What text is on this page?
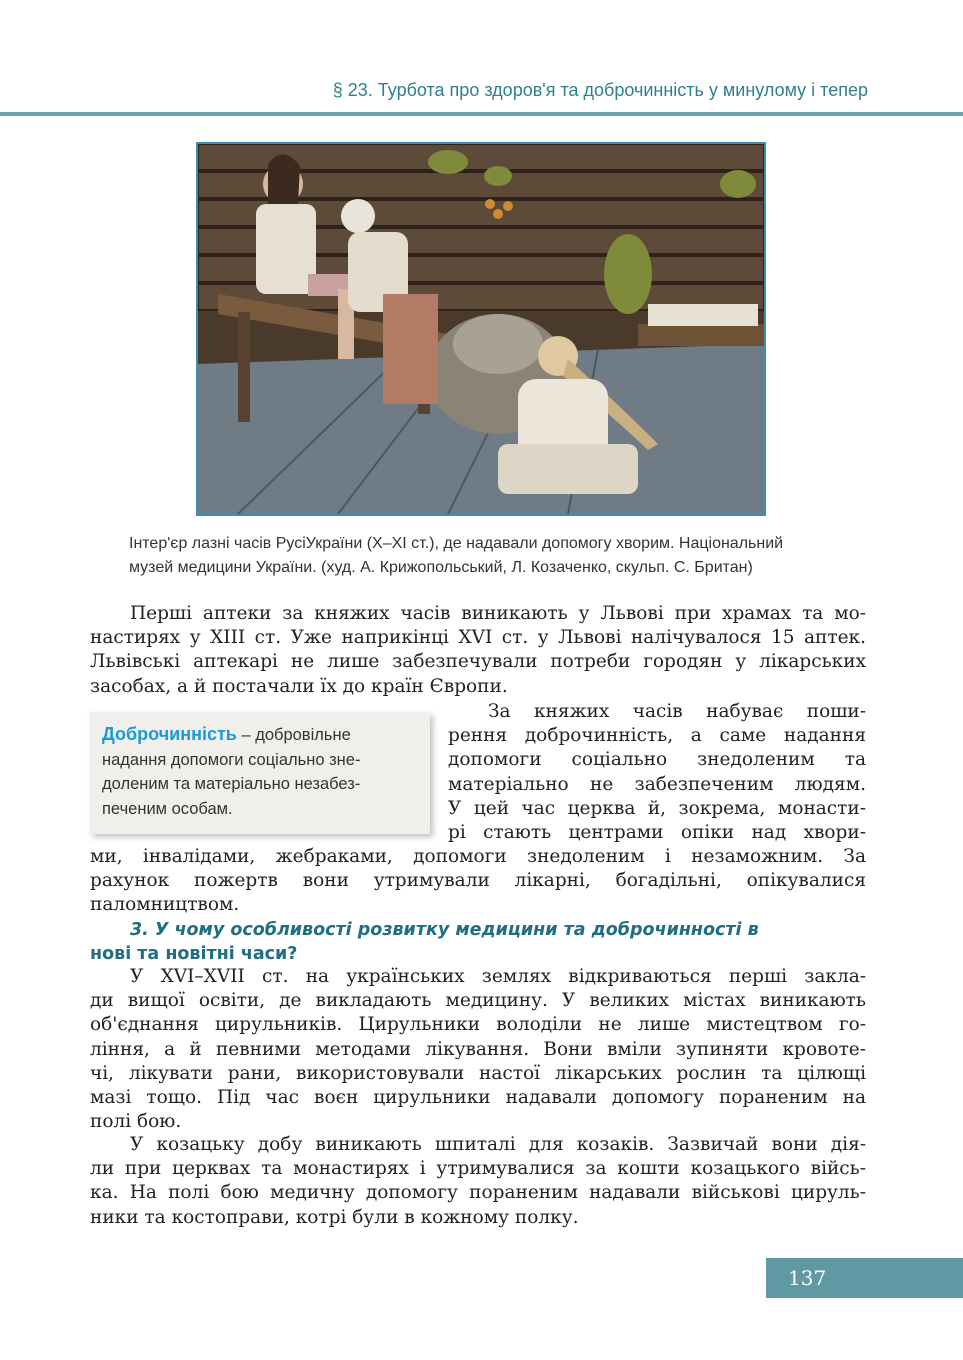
§ 23. Турбота про здоров'я та доброчинність у минулому і тепер
Інтер'єр лазні часів РусіУкраїни (X–XI ст.), де надавали допомогу хворим. Національний
музей медицини України. (худ. А. Крижопольський, Л. Козаченко, скульп. С. Британ)
Перші аптеки за княжих часів виникають у Львові при храмах та мо-
настирях у XIII ст. Уже наприкінці XVI ст. у Львові налічувалося 15 аптек.
Львівські аптекарі не лише забезпечували потреби городян у лікарських
засобах, а й постачали їх до країн Європи.
Доброчинність – добровільне
надання допомоги соціально зне-
доленим та матеріально незабез-
печеним особам.
За княжих часів набуває поши-
рення доброчинність, а саме надання
допомоги соціально знедоленим та
матеріально не забезпеченим людям.
У цей час церква й, зокрема, монасти-
рі стають центрами опіки над хвори-
ми, інвалідами, жебраками, допомоги знедоленим і незаможним. За
рахунок пожертв вони утримували лікарні, богадільні, опікувалися
паломництвом.
3. У чому особливості розвитку медицини та доброчинності в
нові та новітні часи?
У XVI–XVII ст. на українських землях відкриваються перші закла-
ди вищої освіти, де викладають медицину. У великих містах виникають
об'єднання цирульників. Цирульники володіли не лише мистецтвом го-
ління, а й певними методами лікування. Вони вміли зупиняти кровоте-
чі, лікувати рани, використовували настої лікарських рослин та цілющі
мазі тощо. Під час воєн цирульники надавали допомогу пораненим на
полі бою.
У козацьку добу виникають шпиталі для козаків. Зазвичай вони дія-
ли при церквах та монастирях і утримувалися за кошти козацького війсь-
ка. На полі бою медичну допомогу пораненим надавали військові цируль-
ники та костоправи, котрі були в кожному полку.
137
